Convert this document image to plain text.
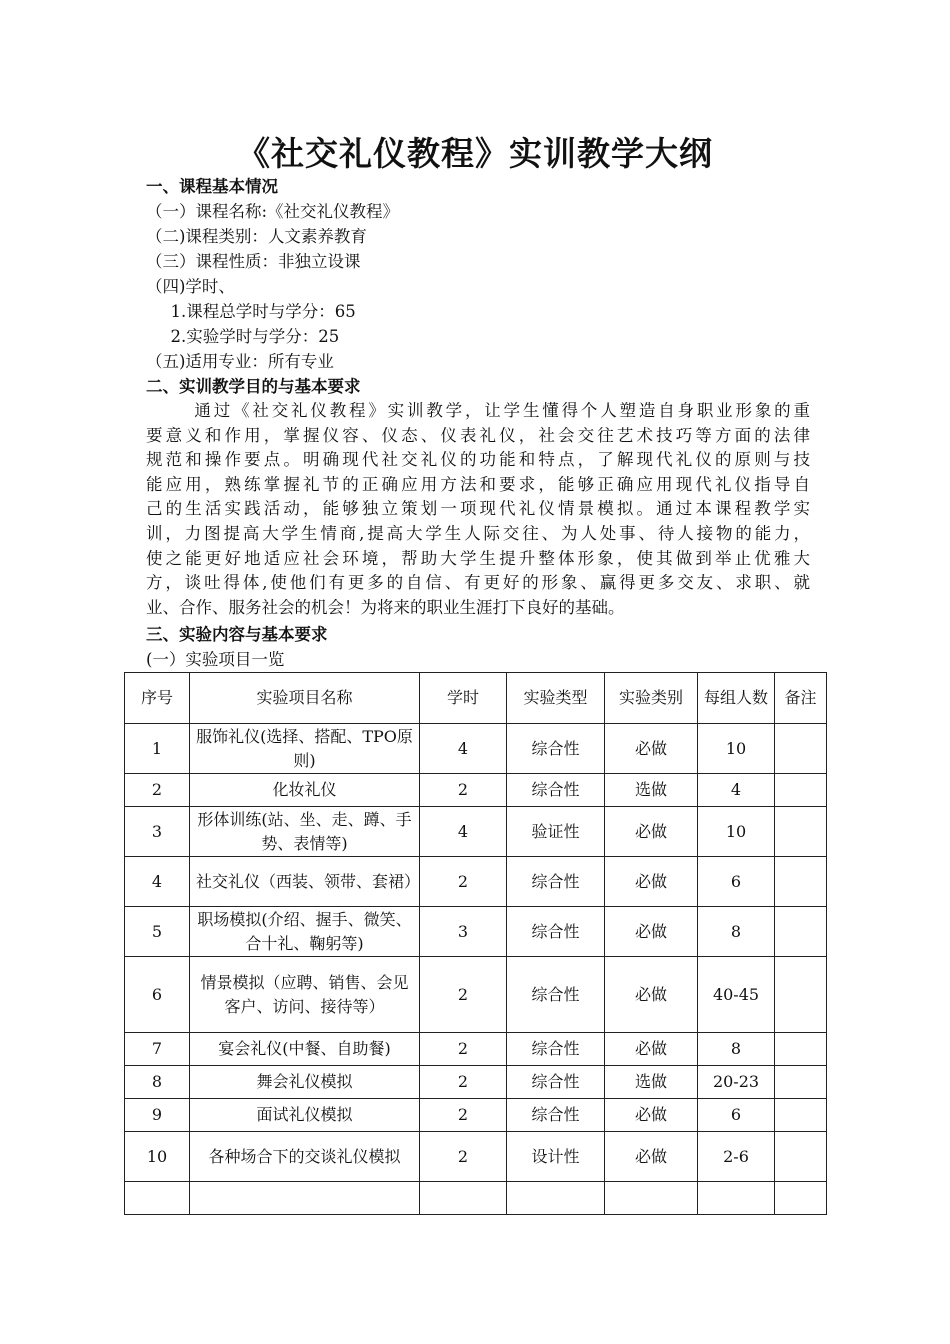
《社交礼仪教程》实训教学大纲
一、课程基本情况
（一）课程名称:《社交礼仪教程》
（二)课程类别：人文素养教育
（三）课程性质：非独立设课
（四)学时、
1.课程总学时与学分：65
2.实验学时与学分：25
（五)适用专业：所有专业
二、实训教学目的与基本要求
通过《社交礼仪教程》实训教学，让学生懂得个人塑造自身职业形象的重
要意义和作用，掌握仪容、仪态、仪表礼仪，社会交往艺术技巧等方面的法律
规范和操作要点。明确现代社交礼仪的功能和特点，了解现代礼仪的原则与技
能应用，熟练掌握礼节的正确应用方法和要求，能够正确应用现代礼仪指导自
己的生活实践活动，能够独立策划一项现代礼仪情景模拟。通过本课程教学实
训，力图提高大学生情商,提高大学生人际交往、为人处事、待人接物的能力，
使之能更好地适应社会环境，帮助大学生提升整体形象，使其做到举止优雅大
方，谈吐得体,使他们有更多的自信、有更好的形象、赢得更多交友、求职、就
业、合作、服务社会的机会！为将来的职业生涯打下良好的基础。
三、实验内容与基本要求
(一）实验项目一览
序号	实验项目名称	学时	实验类型	实验类别	每组人数	备注
1	服饰礼仪(选择、搭配、TPO原则)	4	综合性	必做	10	
2	化妆礼仪	2	综合性	选做	4	
3	形体训练(站、坐、走、蹲、手势、表情等)	4	验证性	必做	10	
4	社交礼仪（西装、领带、套裙）	2	综合性	必做	6	
5	职场模拟(介绍、握手、微笑、合十礼、鞠躬等)	3	综合性	必做	8	
6	情景模拟（应聘、销售、会见客户、访问、接待等）	2	综合性	必做	40-45	
7	宴会礼仪(中餐、自助餐)	2	综合性	必做	8	
8	舞会礼仪模拟	2	综合性	选做	20-23	
9	面试礼仪模拟	2	综合性	必做	6	
10	各种场合下的交谈礼仪模拟	2	设计性	必做	2-6	
